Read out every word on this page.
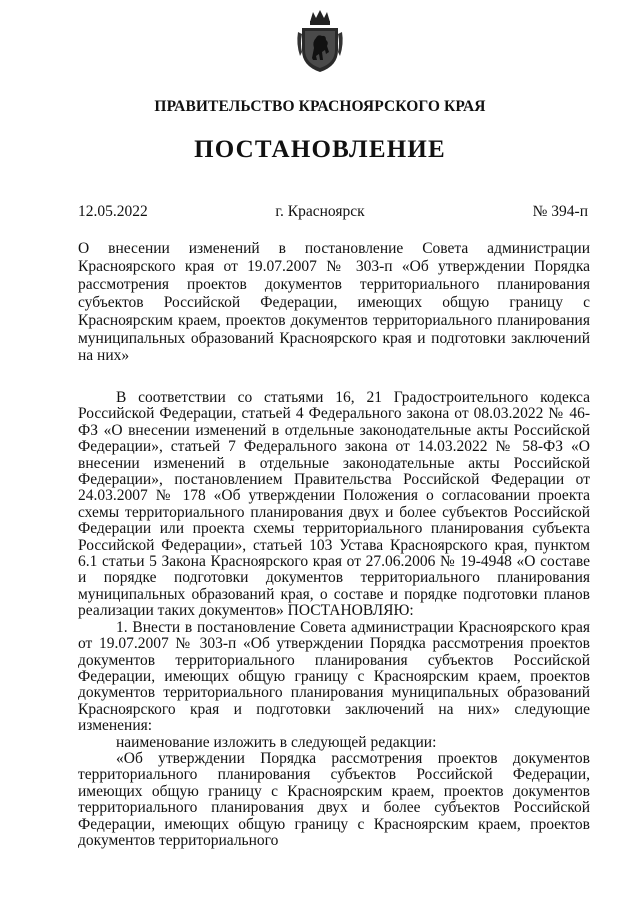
ПРАВИТЕЛЬСТВО КРАСНОЯРСКОГО КРАЯ
ПОСТАНОВЛЕНИЕ
12.05.2022	г. Красноярск	№ 394-п
О внесении изменений в постановление Совета администрации Красноярского края от 19.07.2007 № 303-п «Об утверждении Порядка рассмотрения проектов документов территориального планирования субъектов Российской Федерации, имеющих общую границу с Красноярским краем, проектов документов территориального планирования муниципальных образований Красноярского края и подготовки заключений на них»

В соответствии со статьями 16, 21 Градостроительного кодекса Российской Федерации, статьей 4 Федерального закона от 08.03.2022 № 46-ФЗ «О внесении изменений в отдельные законодательные акты Российской Федерации», статьей 7 Федерального закона от 14.03.2022 № 58-ФЗ «О внесении изменений в отдельные законодательные акты Российской Федерации», постановлением Правительства Российской Федерации от 24.03.2007 № 178 «Об утверждении Положения о согласовании проекта схемы территориального планирования двух и более субъектов Российской Федерации или проекта схемы территориального планирования субъекта Российской Федерации», статьей 103 Устава Красноярского края, пунктом 6.1 статьи 5 Закона Красноярского края от 27.06.2006 № 19-4948 «О составе и порядке подготовки документов территориального планирования муниципальных образований края, о составе и порядке подготовки планов реализации таких документов» ПОСТАНОВЛЯЮ:

1. Внести в постановление Совета администрации Красноярского края от 19.07.2007 № 303-п «Об утверждении Порядка рассмотрения проектов документов территориального планирования субъектов Российской Федерации, имеющих общую границу с Красноярским краем, проектов документов территориального планирования муниципальных образований Красноярского края и подготовки заключений на них» следующие изменения:

наименование изложить в следующей редакции:

«Об утверждении Порядка рассмотрения проектов документов территориального планирования субъектов Российской Федерации, имеющих общую границу с Красноярским краем, проектов документов территориального планирования двух и более субъектов Российской Федерации, имеющих общую границу с Красноярским краем, проектов документов территориального
